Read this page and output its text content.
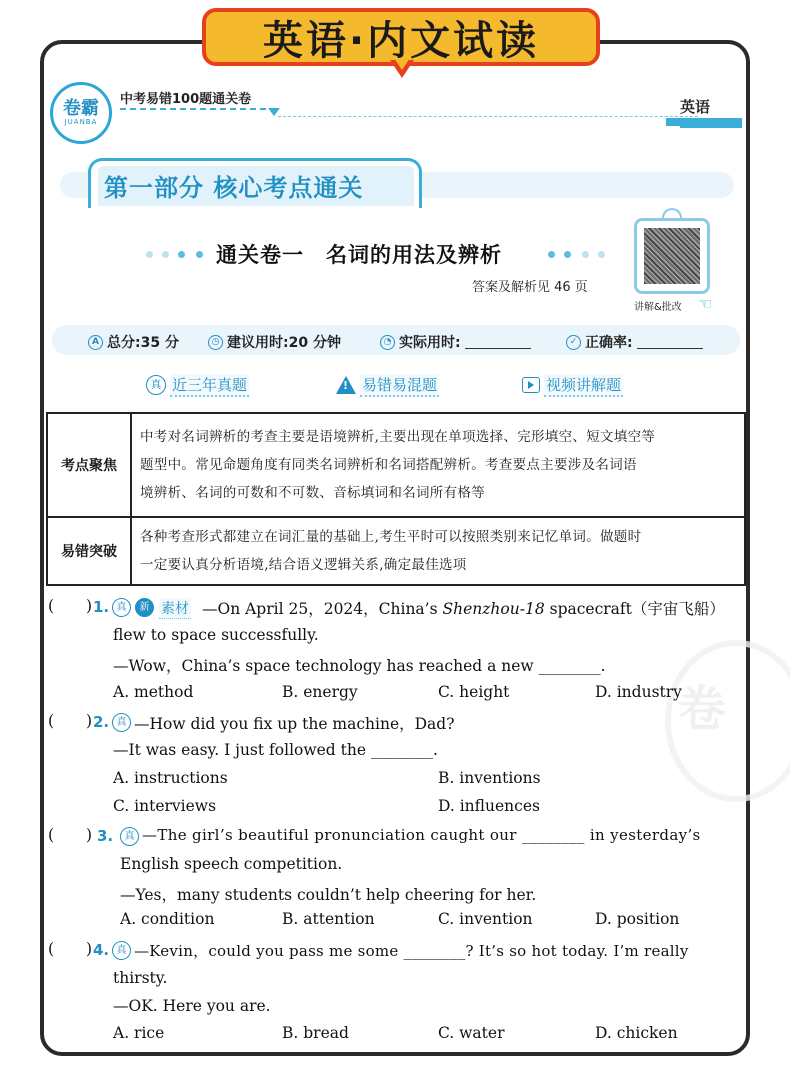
英语·内文试读
卷霸
JUANBA
中考易错100题通关卷	英语
第一部分 核心考点通关
通关卷一　名词的用法及辨析
答案及解析见 46 页
讲解&批改 ☜
A 总分:35 分	◷ 建议用时:20 分钟	◔ 实际用时:	✓ 正确率:
真 近三年真题	! 易错易混题	视频讲解题
考点聚焦	中考对名词辨析的考查主要是语境辨析,主要出现在单项选择、完形填空、短文填空等
题型中。常见命题角度有同类名词辨析和名词搭配辨析。考查要点主要涉及名词语
境辨析、名词的可数和不可数、音标填词和名词所有格等

易错突破	各种考查形式都建立在词汇量的基础上,考生平时可以按照类别来记忆单词。做题时
一定要认真分析语境,结合语义逻辑关系,确定最佳选项
卷
( ) 1. 真	新 素材 —On April 25，2024，China’s Shenzhou-18 spacecraft（宇宙飞船）
flew to space successfully.
—Wow，China’s space technology has reached a new ________.
A. method	B. energy	C. height	D. industry
( ) 2. 真 —How did you fix up the machine，Dad?
—It was easy. I just followed the ________.
A. instructions	B. inventions
C. interviews	D. influences
( ) 3.	真 —The girl’s beautiful pronunciation caught our ________ in yesterday’s
English speech competition.
—Yes，many students couldn’t help cheering for her.
A. condition	B. attention	C. invention	D. position
( ) 4. 真 —Kevin，could you pass me some ________? It’s so hot today. I’m really
thirsty.
—OK. Here you are.
A. rice	B. bread	C. water	D. chicken
